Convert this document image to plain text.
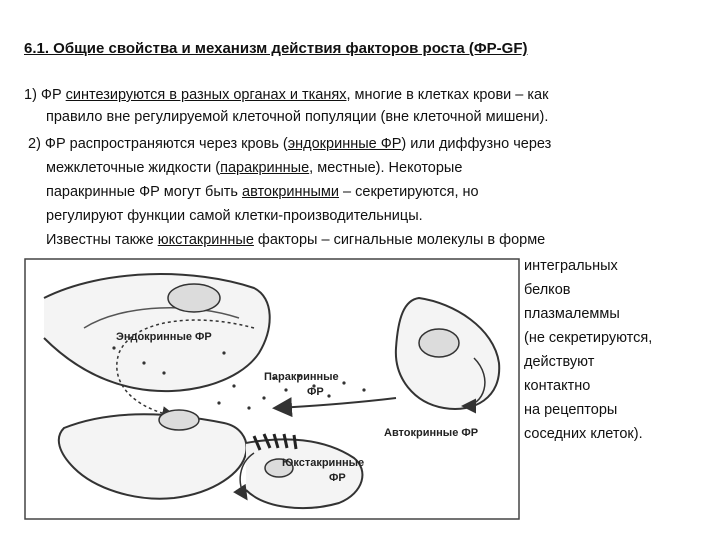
6.1. Общие свойства и механизм действия факторов роста (ФР-GF)
1) ФР синтезируются в разных органах и тканях, многие в клетках крови – как
правило вне регулируемой клеточной популяции (вне клеточной мишени).
2) ФР распространяются через кровь (эндокринные ФР) или диффузно через
межклеточные жидкости (паракринные, местные). Некоторые
паракринные ФР могут быть автокринными – секретируются, но
регулируют функции самой клетки-производительницы.
Известны также юкстакринные факторы – сигнальные молекулы в форме
интегральных
белков
плазмалеммы
(не секретируются,
действуют
контактно
на рецепторы
соседних клеток).
Эндокринные ФР
Паракринные
ФР
Автокринные ФР
Юкстакринные
ФР
